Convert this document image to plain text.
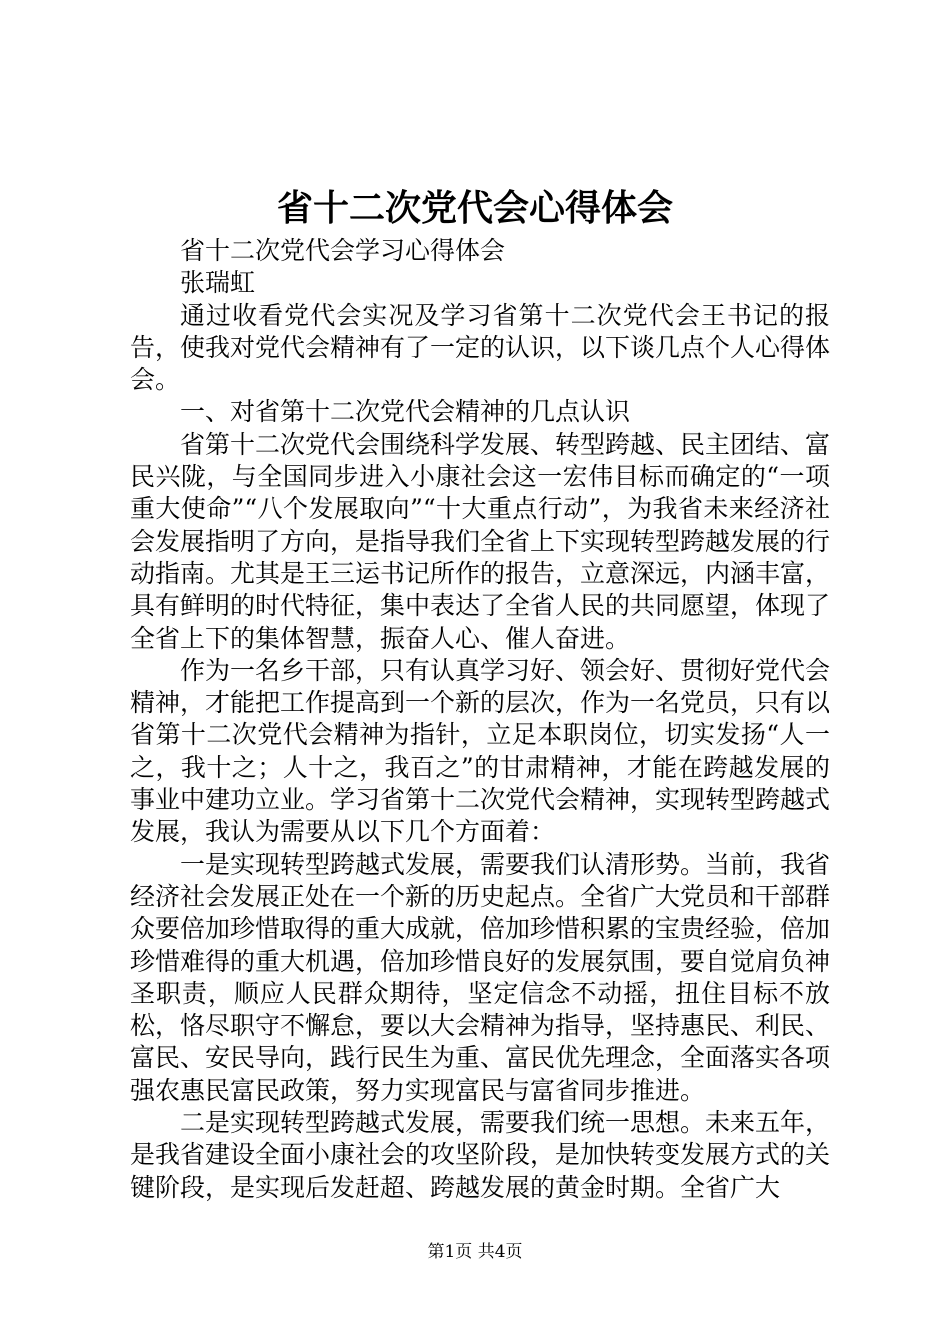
省十二次党代会心得体会

省十二次党代会学习心得体会

张瑞虹

通过收看党代会实况及学习省第十二次党代会王书记的报告，使我对党代会精神有了一定的认识，以下谈几点个人心得体会。

一、对省第十二次党代会精神的几点认识

省第十二次党代会围绕科学发展、转型跨越、民主团结、富民兴陇，与全国同步进入小康社会这一宏伟目标而确定的“一项重大使命”“八个发展取向”“十大重点行动”，为我省未来经济社会发展指明了方向，是指导我们全省上下实现转型跨越发展的行动指南。尤其是王三运书记所作的报告，立意深远，内涵丰富，具有鲜明的时代特征，集中表达了全省人民的共同愿望，体现了全省上下的集体智慧，振奋人心、催人奋进。

作为一名乡干部，只有认真学习好、领会好、贯彻好党代会精神，才能把工作提高到一个新的层次，作为一名党员，只有以省第十二次党代会精神为指针，立足本职岗位，切实发扬“人一之，我十之；人十之，我百之”的甘肃精神，才能在跨越发展的事业中建功立业。学习省第十二次党代会精神，实现转型跨越式发展，我认为需要从以下几个方面着：

一是实现转型跨越式发展，需要我们认清形势。当前，我省经济社会发展正处在一个新的历史起点。全省广大党员和干部群众要倍加珍惜取得的重大成就，倍加珍惜积累的宝贵经验，倍加珍惜难得的重大机遇，倍加珍惜良好的发展氛围，要自觉肩负神圣职责，顺应人民群众期待，坚定信念不动摇，扭住目标不放松，恪尽职守不懈怠，要以大会精神为指导，坚持惠民、利民、富民、安民导向，践行民生为重、富民优先理念，全面落实各项强农惠民富民政策，努力实现富民与富省同步推进。

二是实现转型跨越式发展，需要我们统一思想。未来五年，是我省建设全面小康社会的攻坚阶段，是加快转变发展方式的关键阶段，是实现后发赶超、跨越发展的黄金时期。全省广大

第1页 共4页
